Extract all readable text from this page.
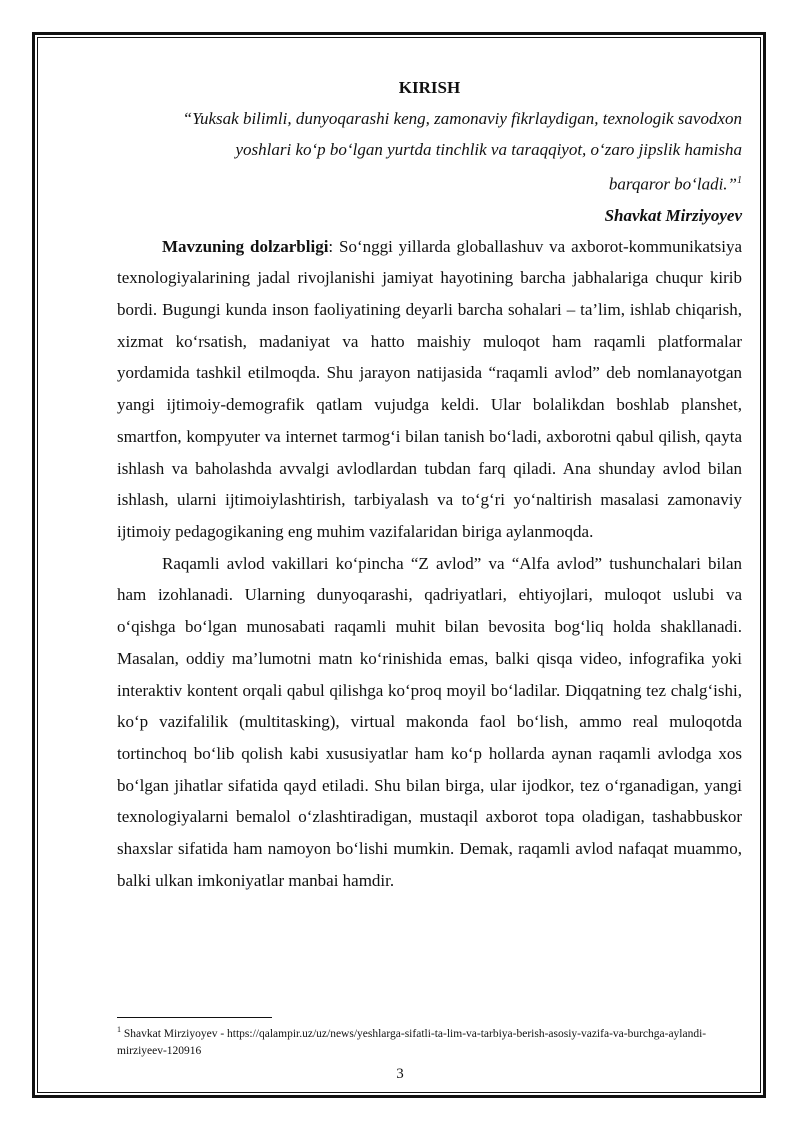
KIRISH

“Yuksak bilimli, dunyoqarashi keng, zamonaviy fikrlaydigan, texnologik savodxon

yoshlari koʻp boʻlgan yurtda tinchlik va taraqqiyot, oʻzaro jipslik hamisha

barqaror boʻladi.”$^1$

Shavkat Mirziyoyev

Mavzuning dolzarbligi: Soʻnggi yillarda globallashuv va axborot-kommunikatsiya texnologiyalarining jadal rivojlanishi jamiyat hayotining barcha jabhalariga chuqur kirib bordi. Bugungi kunda inson faoliyatining deyarli barcha sohalari – ta’lim, ishlab chiqarish, xizmat koʻrsatish, madaniyat va hatto maishiy muloqot ham raqamli platformalar yordamida tashkil etilmoqda. Shu jarayon natijasida “raqamli avlod” deb nomlanayotgan yangi ijtimoiy-demografik qatlam vujudga keldi. Ular bolalikdan boshlab planshet, smartfon, kompyuter va internet tarmogʻi bilan tanish boʻladi, axborotni qabul qilish, qayta ishlash va baholashda avvalgi avlodlardan tubdan farq qiladi. Ana shunday avlod bilan ishlash, ularni ijtimoiylashtirish, tarbiyalash va toʻgʻri yoʻnaltirish masalasi zamonaviy ijtimoiy pedagogikaning eng muhim vazifalaridan biriga aylanmoqda.

Raqamli avlod vakillari koʻpincha “Z avlod” va “Alfa avlod” tushunchalari bilan ham izohlanadi. Ularning dunyoqarashi, qadriyatlari, ehtiyojlari, muloqot uslubi va oʻqishga boʻlgan munosabati raqamli muhit bilan bevosita bogʻliq holda shakllanadi. Masalan, oddiy ma’lumotni matn koʻrinishida emas, balki qisqa video, infografika yoki interaktiv kontent orqali qabul qilishga koʻproq moyil boʻladilar. Diqqatning tez chalgʻishi, koʻp vazifalilik (multitasking), virtual makonda faol boʻlish, ammo real muloqotda tortinchoq boʻlib qolish kabi xususiyatlar ham koʻp hollarda aynan raqamli avlodga xos boʻlgan jihatlar sifatida qayd etiladi. Shu bilan birga, ular ijodkor, tez oʻrganadigan, yangi texnologiyalarni bemalol oʻzlashtiradigan, mustaqil axborot topa oladigan, tashabbuskor shaxslar sifatida ham namoyon boʻlishi mumkin. Demak, raqamli avlod nafaqat muammo, balki ulkan imkoniyatlar manbai hamdir.

$^1$ Shavkat Mirziyoyev - https://qalampir.uz/uz/news/yeshlarga-sifatli-ta-lim-va-tarbiya-berish-asosiy-vazifa-va-burchga-aylandi-mirziyeev-120916
3
